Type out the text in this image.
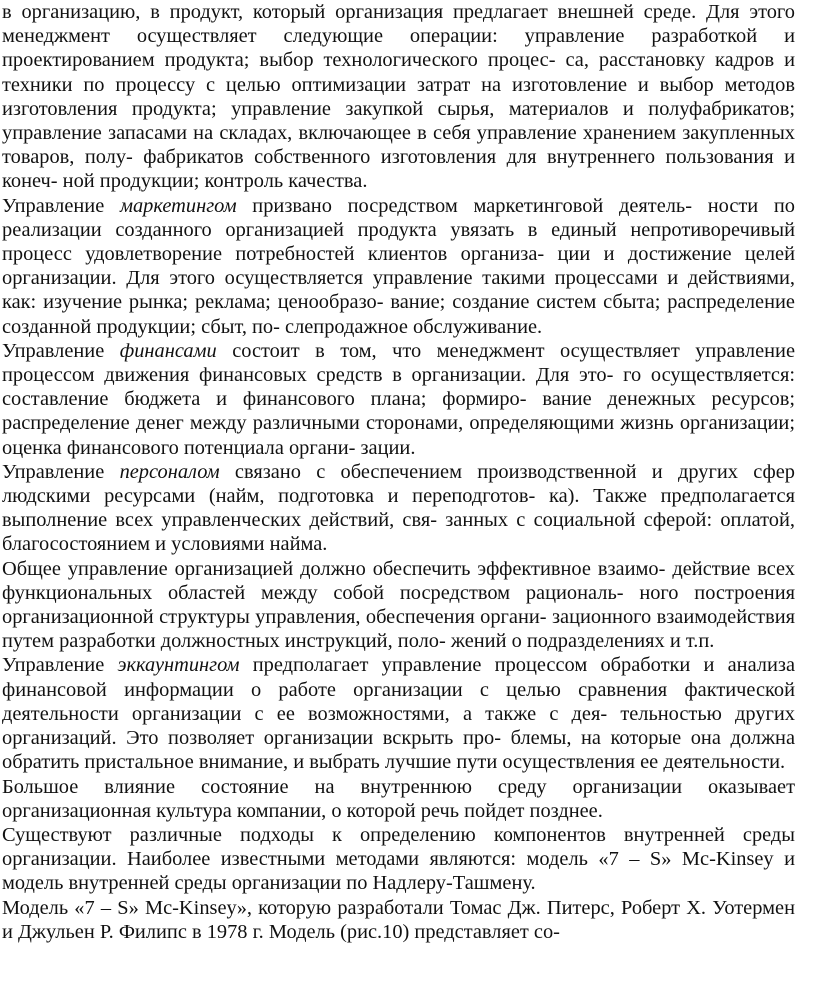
в организацию, в продукт, который организация предлагает внешней среде. Для этого менеджмент осуществляет следующие операции: управление разработкой и проектированием продукта; выбор технологического процес- са, расстановку кадров и техники по процессу с целью оптимизации затрат на изготовление и выбор методов изготовления продукта; управление закупкой сырья, материалов и полуфабрикатов; управление запасами на складах, включающее в себя управление хранением закупленных товаров, полу- фабрикатов собственного изготовления для внутреннего пользования и конеч- ной продукции; контроль качества.

Управление маркетингом призвано посредством маркетинговой деятель- ности по реализации созданного организацией продукта увязать в единый непротиворечивый процесс удовлетворение потребностей клиентов организа- ции и достижение целей организации. Для этого осуществляется управление такими процессами и действиями, как: изучение рынка; реклама; ценообразо- вание; создание систем сбыта; распределение созданной продукции; сбыт, по- слепродажное обслуживание.

Управление финансами состоит в том, что менеджмент осуществляет управление процессом движения финансовых средств в организации. Для это- го осуществляется: составление бюджета и финансового плана; формиро- вание денежных ресурсов; распределение денег между различными сторонами, определяющими жизнь организации; оценка финансового потенциала органи- зации.

Управление персоналом связано с обеспечением производственной и других сфер людскими ресурсами (найм, подготовка и переподготов- ка). Также предполагается выполнение всех управленческих действий, свя- занных с социальной сферой: оплатой, благосостоянием и условиями найма.

Общее управление организацией должно обеспечить эффективное взаимо- действие всех функциональных областей между собой посредством рациональ- ного построения организационной структуры управления, обеспечения органи- зационного взаимодействия путем разработки должностных инструкций, поло- жений о подразделениях и т.п.

Управление эккаунтингом предполагает управление процессом обработки и анализа финансовой информации о работе организации с целью сравнения фактической деятельности организации с ее возможностями, а также с дея- тельностью других организаций. Это позволяет организации вскрыть про- блемы, на которые она должна обратить пристальное внимание, и выбрать лучшие пути осуществления ее деятельности.

Большое влияние состояние на внутреннюю среду организации оказывает организационная культура компании, о которой речь пойдет позднее.

Существуют различные подходы к определению компонентов внутренней среды организации. Наиболее известными методами являются: модель «7 – S» Mc-Kinsey и модель внутренней среды организации по Надлеру-Ташмену.

Модель «7 – S» Mc-Kinsey», которую разработали Томас Дж. Питерс, Роберт Х. Уотермен и Джульен Р. Филипс в 1978 г. Модель (рис.10) представляет со-
